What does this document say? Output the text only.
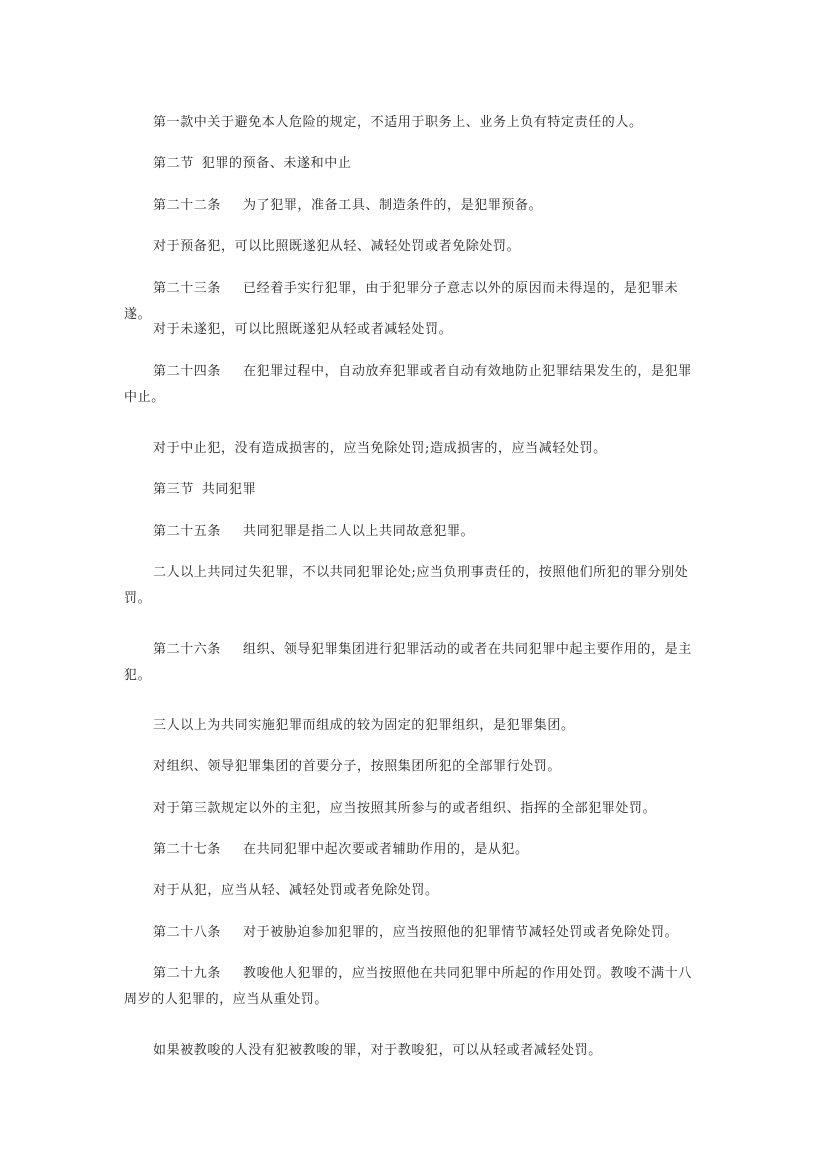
第一款中关于避免本人危险的规定，不适用于职务上、业务上负有特定责任的人。

第二节 犯罪的预备、未遂和中止

第二十二条 为了犯罪，准备工具、制造条件的，是犯罪预备。

对于预备犯，可以比照既遂犯从轻、减轻处罚或者免除处罚。

第二十三条 已经着手实行犯罪，由于犯罪分子意志以外的原因而未得逞的，是犯罪未遂。

对于未遂犯，可以比照既遂犯从轻或者减轻处罚。

第二十四条 在犯罪过程中，自动放弃犯罪或者自动有效地防止犯罪结果发生的，是犯罪中止。

对于中止犯，没有造成损害的，应当免除处罚;造成损害的，应当减轻处罚。

第三节 共同犯罪

第二十五条 共同犯罪是指二人以上共同故意犯罪。

二人以上共同过失犯罪，不以共同犯罪论处;应当负刑事责任的，按照他们所犯的罪分别处罚。

第二十六条 组织、领导犯罪集团进行犯罪活动的或者在共同犯罪中起主要作用的，是主犯。

三人以上为共同实施犯罪而组成的较为固定的犯罪组织，是犯罪集团。

对组织、领导犯罪集团的首要分子，按照集团所犯的全部罪行处罚。

对于第三款规定以外的主犯，应当按照其所参与的或者组织、指挥的全部犯罪处罚。

第二十七条 在共同犯罪中起次要或者辅助作用的，是从犯。

对于从犯，应当从轻、减轻处罚或者免除处罚。

第二十八条 对于被胁迫参加犯罪的，应当按照他的犯罪情节减轻处罚或者免除处罚。

第二十九条 教唆他人犯罪的，应当按照他在共同犯罪中所起的作用处罚。教唆不满十八周岁的人犯罪的，应当从重处罚。

如果被教唆的人没有犯被教唆的罪，对于教唆犯，可以从轻或者减轻处罚。
